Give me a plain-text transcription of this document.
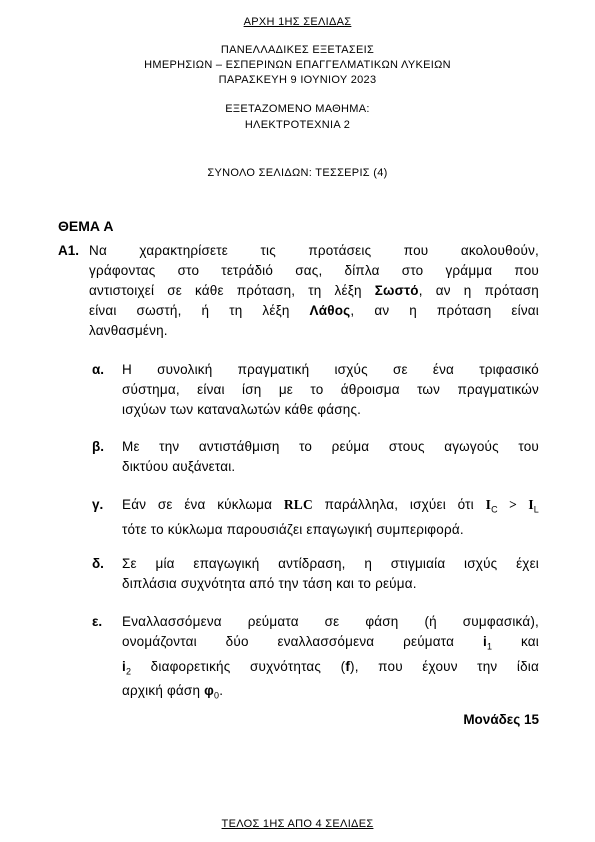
ΑΡΧΗ 1ΗΣ ΣΕΛΙΔΑΣ
ΠΑΝΕΛΛΑΔΙΚΕΣ ΕΞΕΤΑΣΕΙΣ
ΗΜΕΡΗΣΙΩΝ – ΕΣΠΕΡΙΝΩΝ ΕΠΑΓΓΕΛΜΑΤΙΚΩΝ ΛΥΚΕΙΩΝ
ΠΑΡΑΣΚΕΥΗ 9 ΙΟΥΝΙΟΥ 2023
ΕΞΕΤΑΖΟΜΕΝΟ ΜΑΘΗΜΑ:
ΗΛΕΚΤΡΟΤΕΧΝΙΑ 2
ΣΥΝΟΛΟ ΣΕΛΙΔΩΝ: ΤΕΣΣΕΡΙΣ (4)
ΘΕΜΑ Α
Α1. Να χαρακτηρίσετε τις προτάσεις που ακολουθούν,
γράφοντας στο τετράδιό σας, δίπλα στο γράμμα που
αντιστοιχεί σε κάθε πρόταση, τη λέξη Σωστό, αν η πρόταση
είναι σωστή, ή τη λέξη Λάθος, αν η πρόταση είναι
λανθασμένη.
α. Η συνολική πραγματική ισχύς σε ένα τριφασικό
σύστημα, είναι ίση με το άθροισμα των πραγματικών
ισχύων των καταναλωτών κάθε φάσης.
β. Με την αντιστάθμιση το ρεύμα στους αγωγούς του
δικτύου αυξάνεται.
γ. Εάν σε ένα κύκλωμα RLC παράλληλα, ισχύει ότι $I_C > I_L$
τότε το κύκλωμα παρουσιάζει επαγωγική συμπεριφορά.
δ. Σε μία επαγωγική αντίδραση, η στιγμιαία ισχύς έχει
διπλάσια συχνότητα από την τάση και το ρεύμα.
ε. Εναλλασσόμενα ρεύματα σε φάση (ή συμφασικά),
ονομάζονται δύο εναλλασσόμενα ρεύματα $i_1$ και
$i_2$ διαφορετικής συχνότητας (f), που έχουν την ίδια
αρχική φάση $\varphi_0$.
Μονάδες 15
ΤΕΛΟΣ 1ΗΣ ΑΠΟ 4 ΣΕΛΙΔΕΣ
